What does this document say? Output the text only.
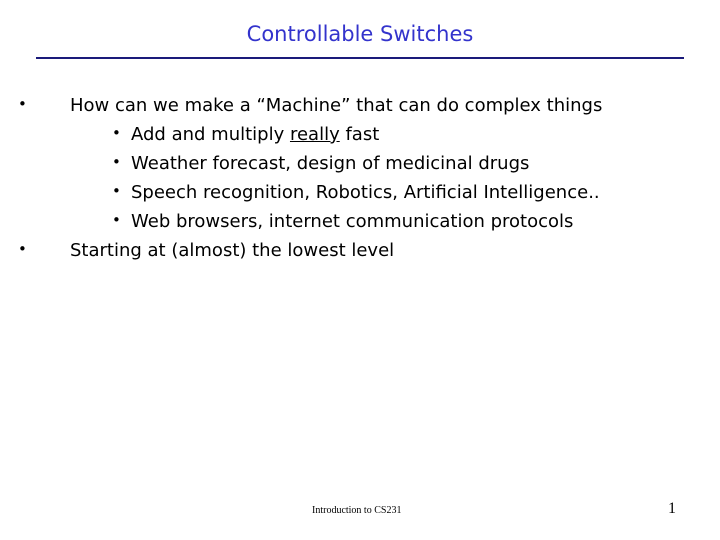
Controllable Switches
• How can we make a “Machine” that can do complex things
• Add and multiply really fast
• Weather forecast, design of medicinal drugs
• Speech recognition, Robotics, Artificial Intelligence..
• Web browsers, internet communication protocols
• Starting at (almost) the lowest level
Introduction to CS231	1
